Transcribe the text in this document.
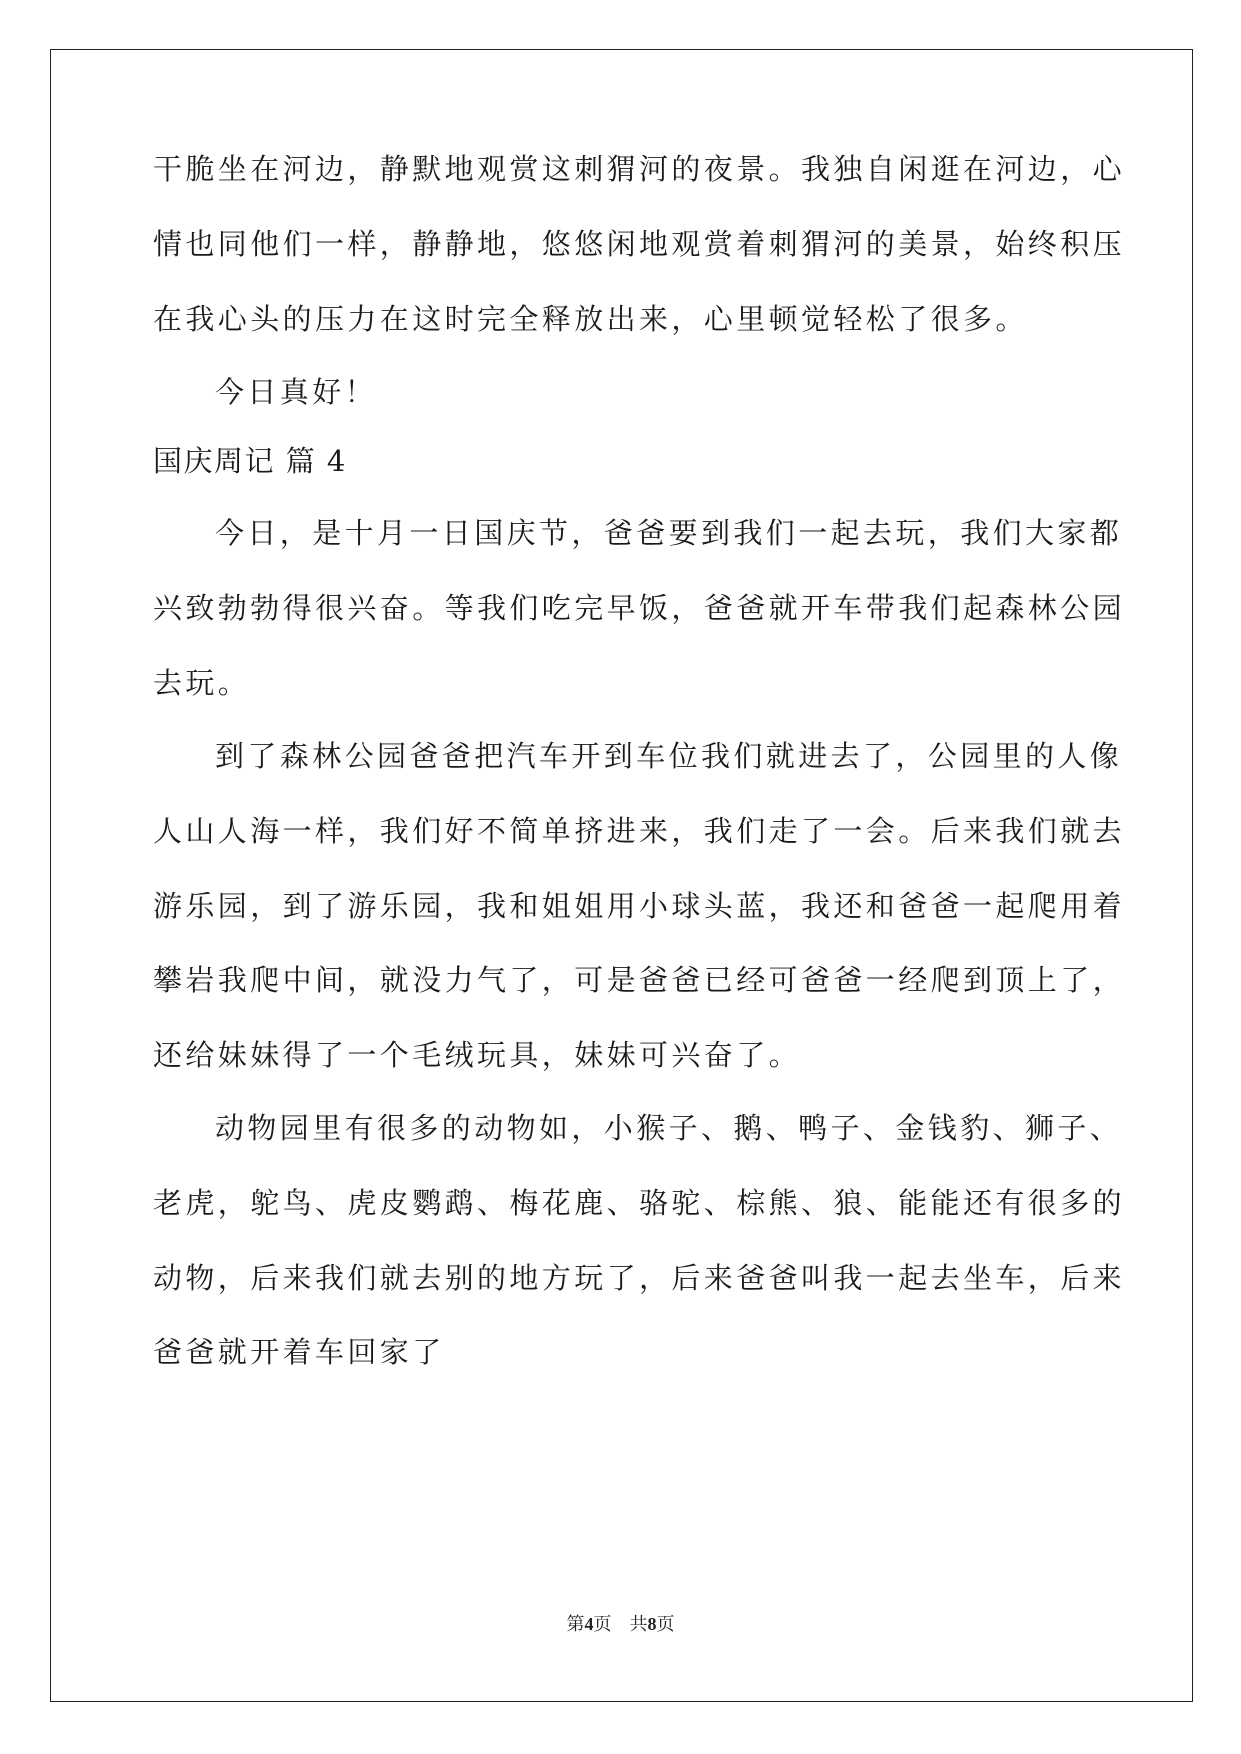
干脆坐在河边，静默地观赏这刺猬河的夜景。我独自闲逛在河边，心
情也同他们一样，静静地，悠悠闲地观赏着刺猬河的美景，始终积压
在我心头的压力在这时完全释放出来，心里顿觉轻松了很多。
今日真好！
国庆周记 篇 4
今日，是十月一日国庆节，爸爸要到我们一起去玩，我们大家都
兴致勃勃得很兴奋。等我们吃完早饭，爸爸就开车带我们起森林公园
去玩。
到了森林公园爸爸把汽车开到车位我们就进去了，公园里的人像
人山人海一样，我们好不简单挤进来，我们走了一会。后来我们就去
游乐园，到了游乐园，我和姐姐用小球头蓝，我还和爸爸一起爬用着
攀岩我爬中间，就没力气了，可是爸爸已经可爸爸一经爬到顶上了，
还给妹妹得了一个毛绒玩具，妹妹可兴奋了。
动物园里有很多的动物如，小猴子、鹅、鸭子、金钱豹、狮子、
老虎，鸵鸟、虎皮鹦鹉、梅花鹿、骆驼、棕熊、狼、能能还有很多的
动物，后来我们就去别的地方玩了，后来爸爸叫我一起去坐车，后来
爸爸就开着车回家了
第4页 共8页
